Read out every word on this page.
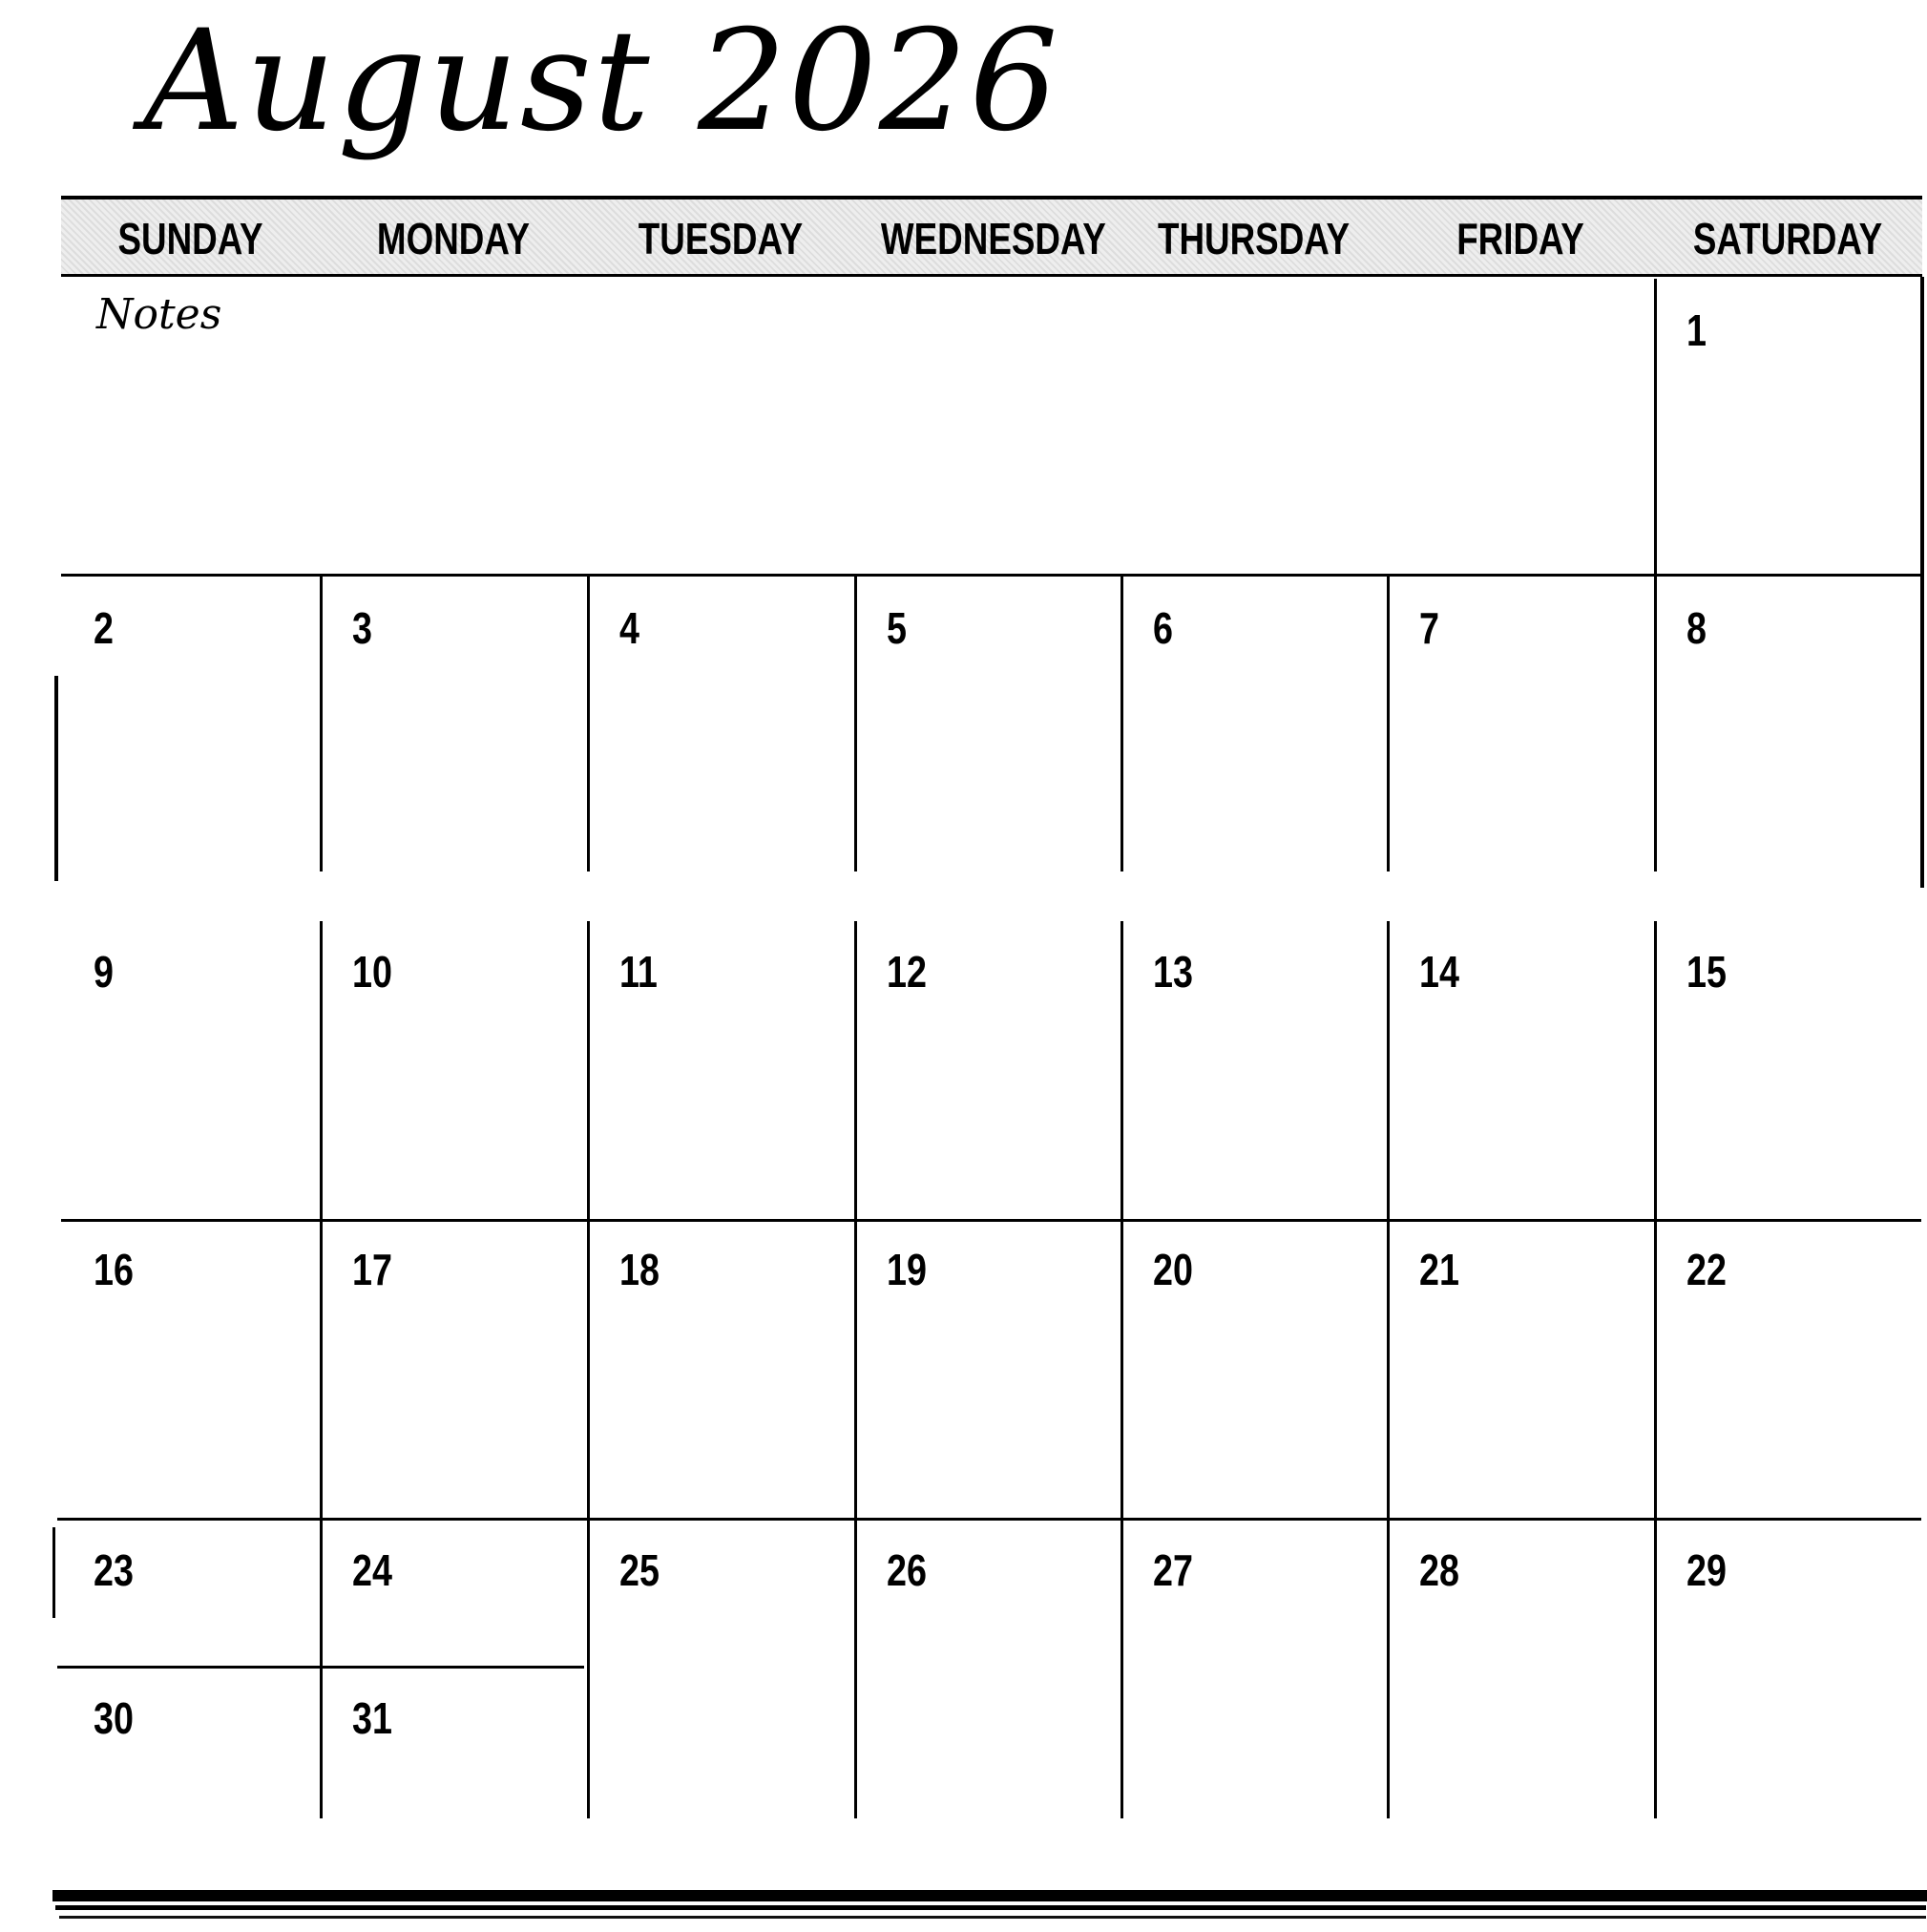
August 2026
SUNDAY	MONDAY	TUESDAY	WEDNESDAY THURSDAY	FRIDAY	SATURDAY
Notes	1
2	3	4	5	6	7	8
9	10	11	12	13	14	15
16	17	18	19	20	21	22
23	24	25	26	27	28	29
30	31
